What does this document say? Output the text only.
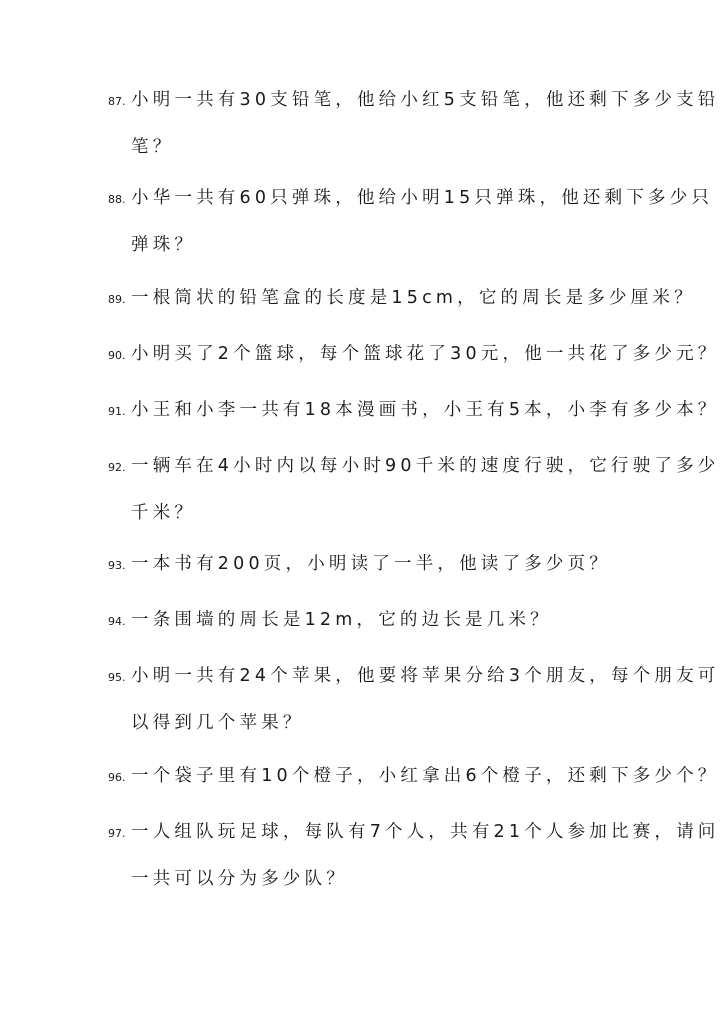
87. 小明一共有30支铅笔，他给小红5支铅笔，他还剩下多少支铅
笔？
88. 小华一共有60只弹珠，他给小明15只弹珠，他还剩下多少只
弹珠？
89. 一根筒状的铅笔盒的长度是15cm，它的周长是多少厘米？
90. 小明买了2个篮球，每个篮球花了30元，他一共花了多少元？
91. 小王和小李一共有18本漫画书，小王有5本，小李有多少本？
92. 一辆车在4小时内以每小时90千米的速度行驶，它行驶了多少
千米？
93. 一本书有200页，小明读了一半，他读了多少页？
94. 一条围墙的周长是12m，它的边长是几米？
95. 小明一共有24个苹果，他要将苹果分给3个朋友，每个朋友可
以得到几个苹果？
96. 一个袋子里有10个橙子，小红拿出6个橙子，还剩下多少个？
97. 一人组队玩足球，每队有7个人，共有21个人参加比赛，请问
一共可以分为多少队？
